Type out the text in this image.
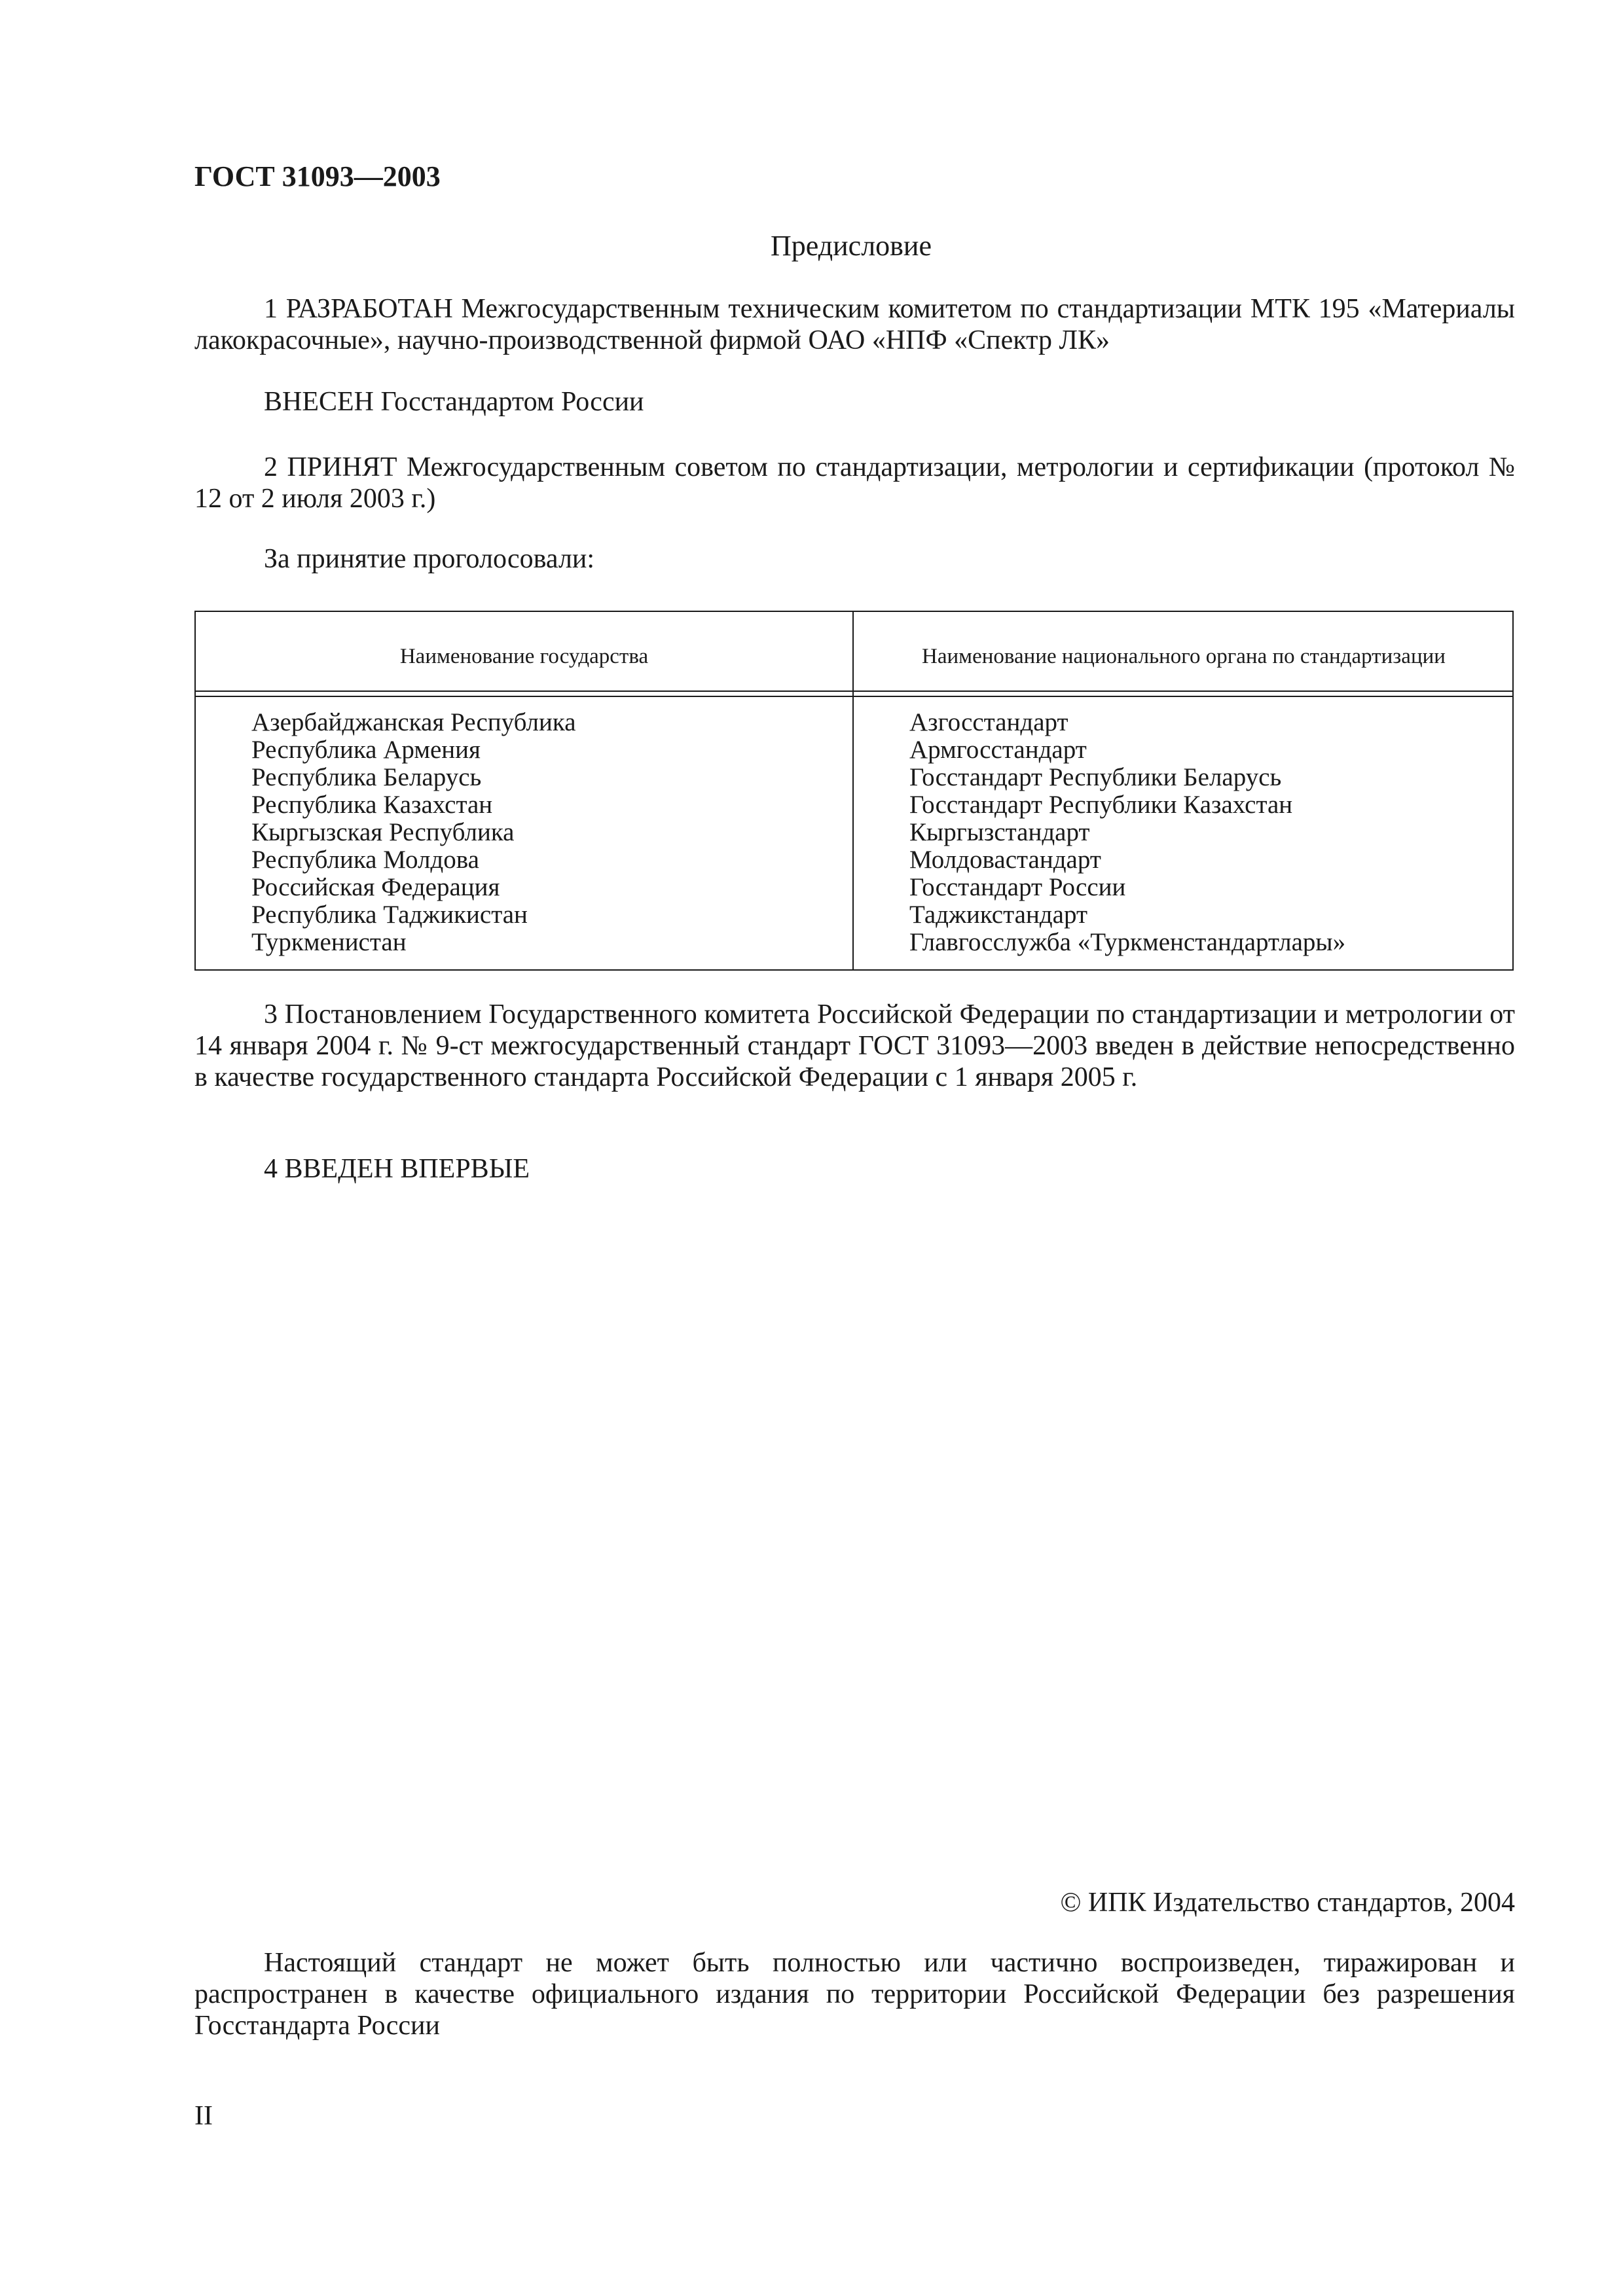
ГОСТ 31093—2003
Предисловие
1 РАЗРАБОТАН Межгосударственным техническим комитетом по стандартизации МТК 195 «Материалы лакокрасочные», научно-производственной фирмой ОАО «НПФ «Спектр ЛК»
ВНЕСЕН Госстандартом России
2 ПРИНЯТ Межгосударственным советом по стандартизации, метрологии и сертификации (протокол № 12 от 2 июля 2003 г.)
За принятие проголосовали:
Наименование государства	Наименование национального органа по стандартизации
Азербайджанская Республика
Республика Армения
Республика Беларусь
Республика Казахстан
Кыргызская Республика
Республика Молдова
Российская Федерация
Республика Таджикистан
Туркменистан
Азгосстандарт
Армгосстандарт
Госстандарт Республики Беларусь
Госстандарт Республики Казахстан
Кыргызстандарт
Молдовастандарт
Госстандарт России
Таджикстандарт
Главгосслужба «Туркменстандартлары»
3 Постановлением Государственного комитета Российской Федерации по стандартизации и метрологии от 14 января 2004 г. № 9-ст межгосударственный стандарт ГОСТ 31093—2003 введен в действие непосредственно в качестве государственного стандарта Российской Федерации с 1 января 2005 г.
4 ВВЕДЕН ВПЕРВЫЕ
© ИПК Издательство стандартов, 2004
Настоящий стандарт не может быть полностью или частично воспроизведен, тиражирован и распространен в качестве официального издания по территории Российской Федерации без разрешения Госстандарта России
II
